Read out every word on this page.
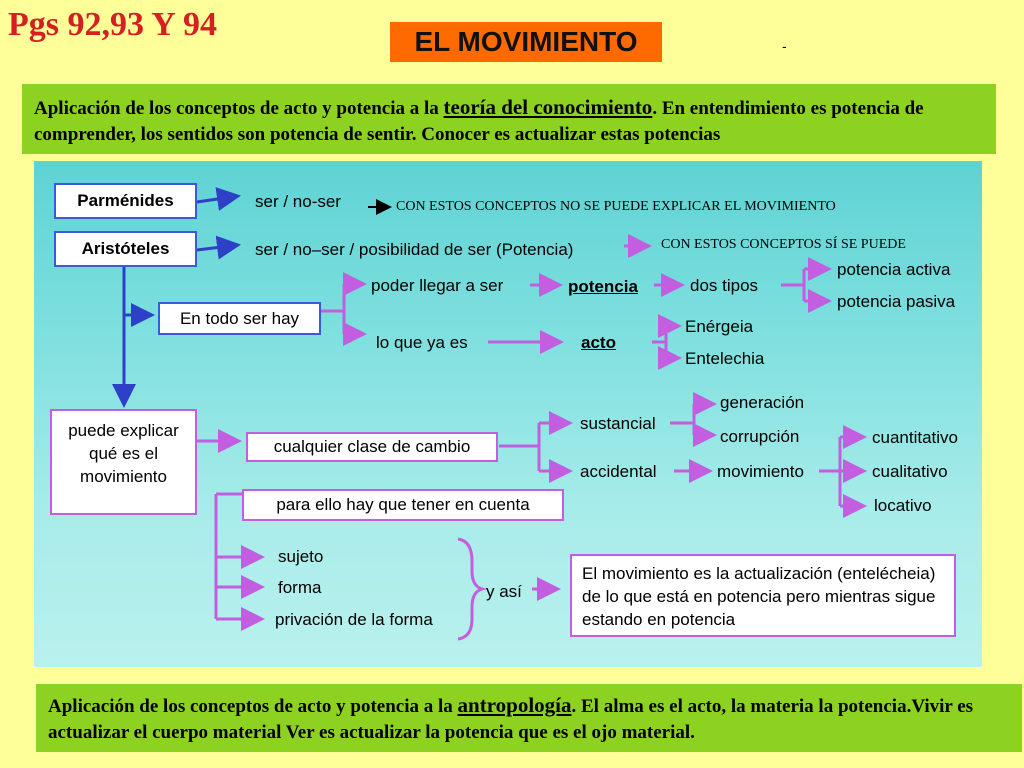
Pgs 92,93 Y 94	EL MOVIMIENTO	-
Aplicación de los conceptos de acto y potencia a la teoría del conocimiento. En entendimiento es potencia de comprender, los sentidos son potencia de sentir. Conocer es actualizar estas potencias
Parménides	ser / no-ser	CON ESTOS CONCEPTOS NO SE PUEDE EXPLICAR EL MOVIMIENTO
Aristóteles	ser / no–ser / posibilidad de ser (Potencia)	CON ESTOS CONCEPTOS SÍ SE PUEDE
En todo ser hay
poder llegar a ser	potencia	dos tipos
potencia activa
potencia pasiva
lo que ya es	acto
Enérgeia
Entelechia
puede explicar qué es el movimiento
cualquier clase de cambio
sustancial
generación
corrupción
accidental	movimiento
cuantitativo
cualitativo
locativo
para ello hay que tener en cuenta
sujeto
forma
privación de la forma
y así
El movimiento es la actualización (entelécheia) de lo que está en potencia pero mientras sigue estando en potencia
Aplicación de los conceptos de acto y potencia a la antropología. El alma es el acto, la materia la potencia.Vivir es actualizar el cuerpo material Ver es actualizar la potencia que es el ojo material.
